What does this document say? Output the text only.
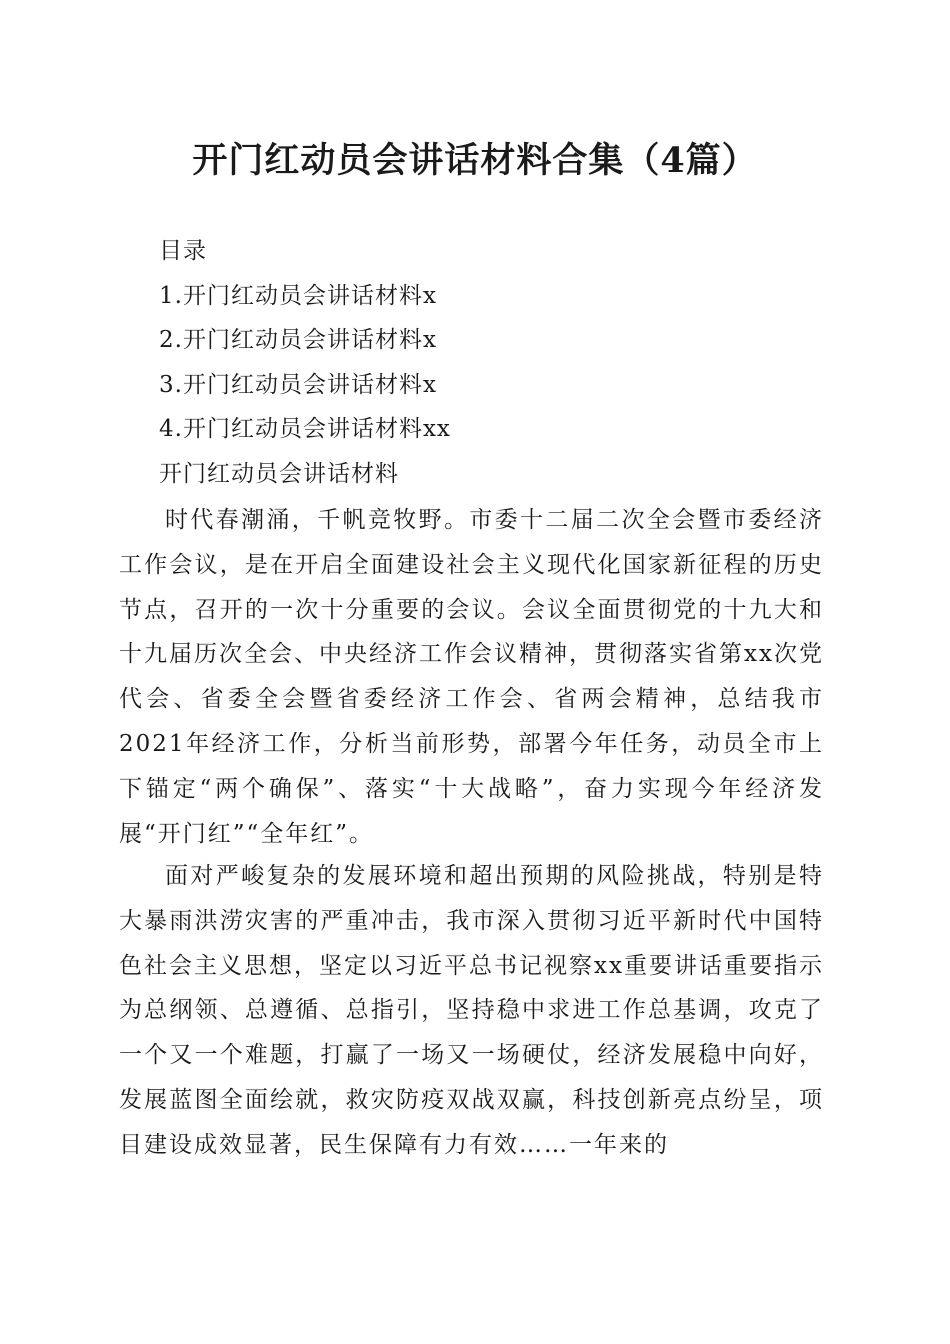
开门红动员会讲话材料合集（4篇）
目录
1.开门红动员会讲话材料x
2.开门红动员会讲话材料x
3.开门红动员会讲话材料x
4.开门红动员会讲话材料xx
开门红动员会讲话材料
时代春潮涌，千帆竞牧野。市委十二届二次全会暨市委经济工作会议，是在开启全面建设社会主义现代化国家新征程的历史节点，召开的一次十分重要的会议。会议全面贯彻党的十九大和十九届历次全会、中央经济工作会议精神，贯彻落实省第xx次党代会、省委全会暨省委经济工作会、省两会精神，总结我市2021年经济工作，分析当前形势，部署今年任务，动员全市上下锚定“两个确保”、落实“十大战略”，奋力实现今年经济发展“开门红”“全年红”。
面对严峻复杂的发展环境和超出预期的风险挑战，特别是特大暴雨洪涝灾害的严重冲击，我市深入贯彻习近平新时代中国特色社会主义思想，坚定以习近平总书记视察xx重要讲话重要指示为总纲领、总遵循、总指引，坚持稳中求进工作总基调，攻克了一个又一个难题，打赢了一场又一场硬仗，经济发展稳中向好，发展蓝图全面绘就，救灾防疫双战双赢，科技创新亮点纷呈，项目建设成效显著，民生保障有力有效……一年来的
